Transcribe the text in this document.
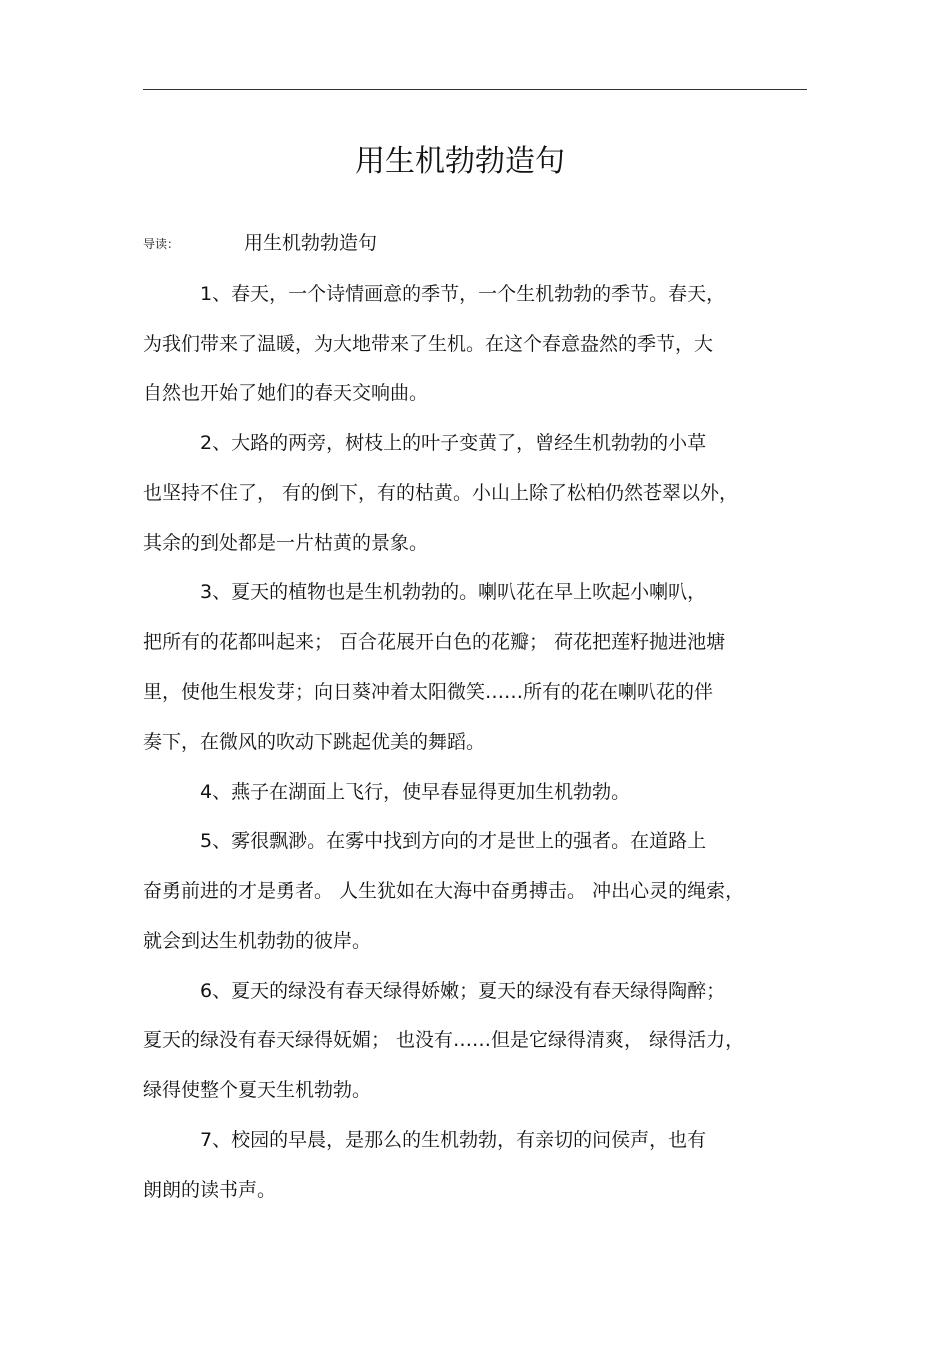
用生机勃勃造句
导读：	用生机勃勃造句
1、春天，一个诗情画意的季节，一个生机勃勃的季节。春天，
为我们带来了温暖，为大地带来了生机。在这个春意盎然的季节，大
自然也开始了她们的春天交响曲。
2、大路的两旁，树枝上的叶子变黄了，曾经生机勃勃的小草
也坚持不住了， 有的倒下，有的枯黄。小山上除了松柏仍然苍翠以外，
其余的到处都是一片枯黄的景象。
3、夏天的植物也是生机勃勃的。喇叭花在早上吹起小喇叭，
把所有的花都叫起来； 百合花展开白色的花瓣； 荷花把莲籽抛进池塘
里，使他生根发芽；向日葵冲着太阳微笑……所有的花在喇叭花的伴
奏下，在微风的吹动下跳起优美的舞蹈。
4、燕子在湖面上飞行，使早春显得更加生机勃勃。
5、雾很飘渺。在雾中找到方向的才是世上的强者。在道路上
奋勇前进的才是勇者。 人生犹如在大海中奋勇搏击。 冲出心灵的绳索，
就会到达生机勃勃的彼岸。
6、夏天的绿没有春天绿得娇嫩；夏天的绿没有春天绿得陶醉；
夏天的绿没有春天绿得妩媚； 也没有……但是它绿得清爽， 绿得活力，
绿得使整个夏天生机勃勃。
7、校园的早晨，是那么的生机勃勃，有亲切的问侯声，也有
朗朗的读书声。
